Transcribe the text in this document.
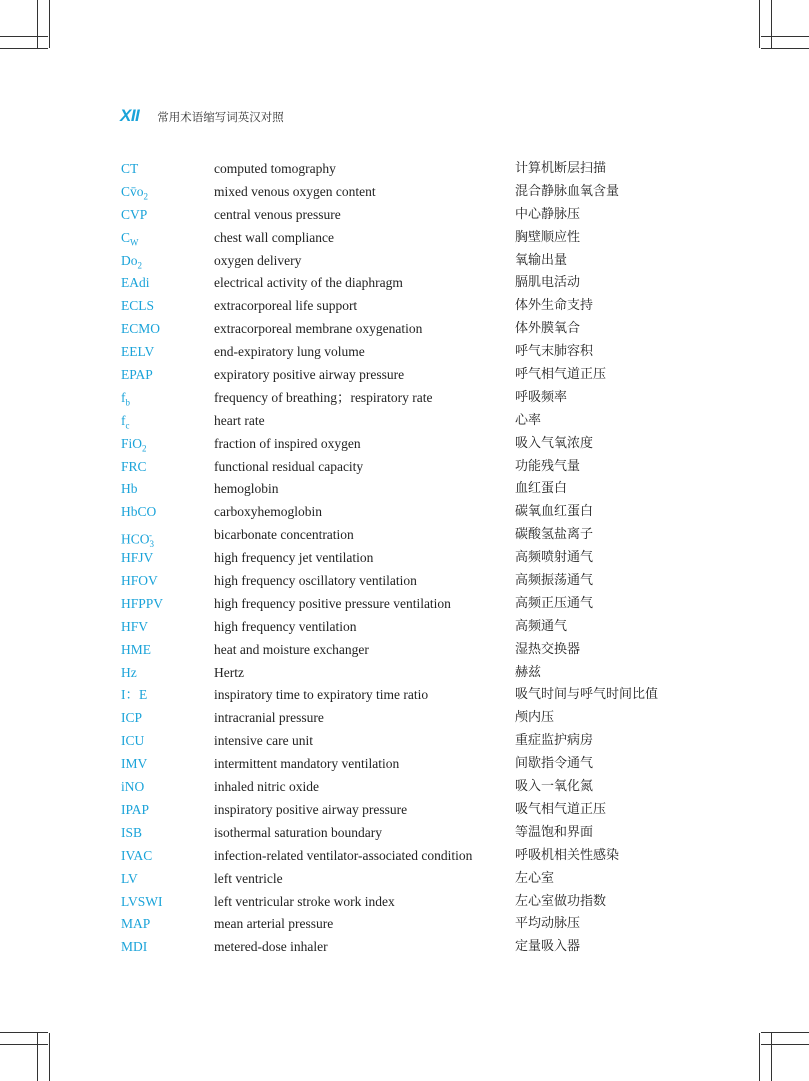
XII 常用术语缩写词英汉对照
CT	computed tomography	计算机断层扫描
$Cv̄o_2$	mixed venous oxygen content	混合静脉血氧含量
CVP	central venous pressure	中心静脉压
$C_W$	chest wall compliance	胸壁顺应性
$Do_2$	oxygen delivery	氧输出量
EAdi	electrical activity of the diaphragm	膈肌电活动
ECLS	extracorporeal life support	体外生命支持
ECMO	extracorporeal membrane oxygenation	体外膜氧合
EELV	end-expiratory lung volume	呼气末肺容积
EPAP	expiratory positive airway pressure	呼气相气道正压
$f_b$	frequency of breathing；respiratory rate	呼吸频率
$f_c$	heart rate	心率
FiO$_2$	fraction of inspired oxygen	吸入气氧浓度
FRC	functional residual capacity	功能残气量
Hb	hemoglobin	血红蛋白
HbCO	carboxyhemoglobin	碳氧血红蛋白
$HCO_3^-$	bicarbonate concentration	碳酸氢盐离子
HFJV	high frequency jet ventilation	高频喷射通气
HFOV	high frequency oscillatory ventilation	高频振荡通气
HFPPV	high frequency positive pressure ventilation	高频正压通气
HFV	high frequency ventilation	高频通气
HME	heat and moisture exchanger	湿热交换器
Hz	Hertz	赫兹
I：E	inspiratory time to expiratory time ratio	吸气时间与呼气时间比值
ICP	intracranial pressure	颅内压
ICU	intensive care unit	重症监护病房
IMV	intermittent mandatory ventilation	间歇指令通气
iNO	inhaled nitric oxide	吸入一氧化氮
IPAP	inspiratory positive airway pressure	吸气相气道正压
ISB	isothermal saturation boundary	等温饱和界面
IVAC	infection-related ventilator-associated condition	呼吸机相关性感染
LV	left ventricle	左心室
LVSWI	left ventricular stroke work index	左心室做功指数
MAP	mean arterial pressure	平均动脉压
MDI	metered-dose inhaler	定量吸入器
